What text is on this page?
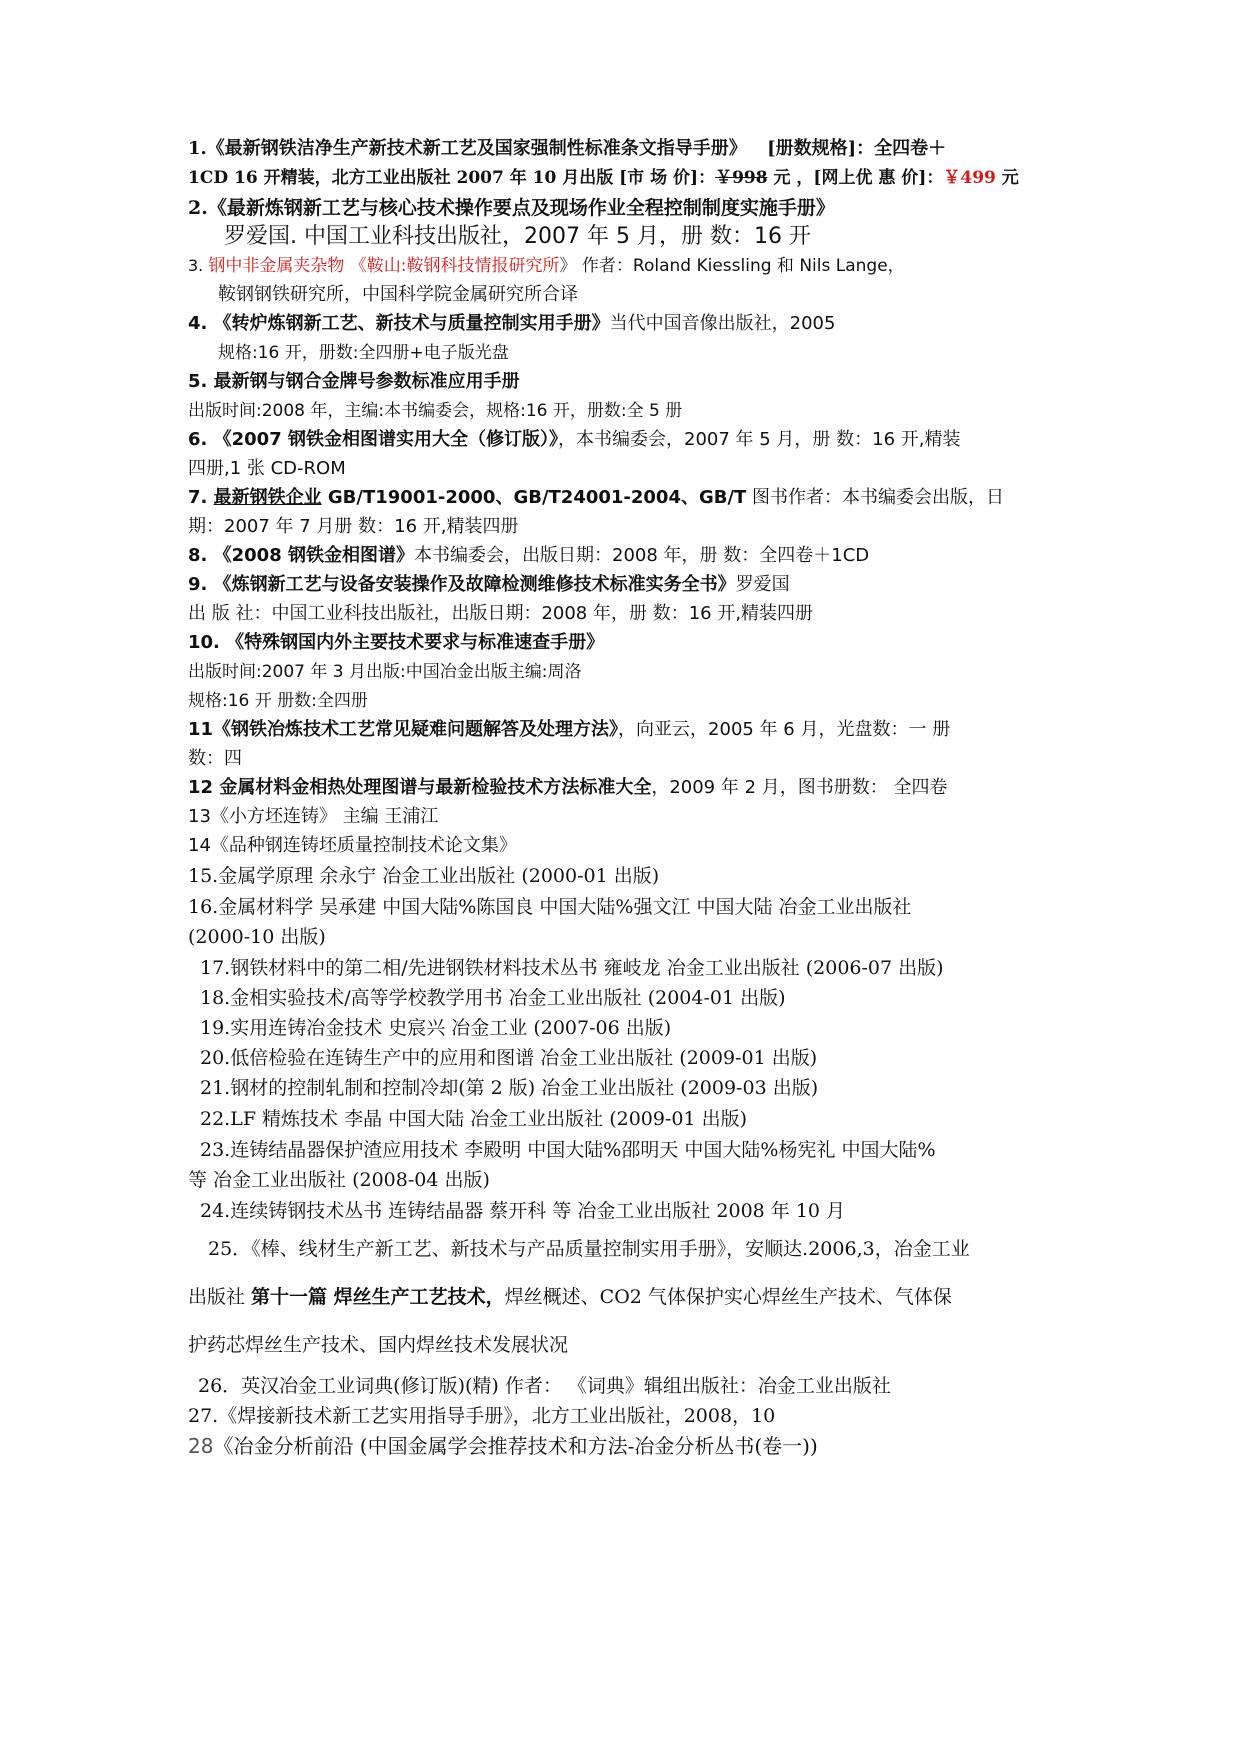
1.《最新钢铁洁净生产新技术新工艺及国家强制性标准条文指导手册》 [册数规格]：全四卷＋
1CD 16 开精装，北方工业出版社 2007 年 10 月出版 [市 场 价]：￥998 元 ，[网上优 惠 价]：￥499 元
2.《最新炼钢新工艺与核心技术操作要点及现场作业全程控制制度实施手册》
罗爱国. 中国工业科技出版社，2007 年 5 月，册 数：16 开
3. 钢中非金属夹杂物 《鞍山:鞍钢科技情报研究所》 作者：Roland Kiessling 和 Nils Lange，
鞍钢钢铁研究所，中国科学院金属研究所合译
4. 《转炉炼钢新工艺、新技术与质量控制实用手册》当代中国音像出版社，2005
规格:16 开，册数:全四册+电子版光盘
5. 最新钢与钢合金牌号参数标准应用手册
出版时间:2008 年，主编:本书编委会，规格:16 开，册数:全 5 册
6. 《2007 钢铁金相图谱实用大全（修订版）》，本书编委会，2007 年 5 月，册 数：16 开,精装
四册,1 张 CD-ROM
7. 最新钢铁企业 GB/T19001-2000、GB/T24001-2004、GB/T 图书作者：本书编委会出版，日
期：2007 年 7 月册 数：16 开,精装四册
8. 《2008 钢铁金相图谱》本书编委会，出版日期：2008 年，册 数：全四卷＋1CD
9. 《炼钢新工艺与设备安装操作及故障检测维修技术标准实务全书》罗爱国
出 版 社：中国工业科技出版社，出版日期：2008 年，册 数：16 开,精装四册
10. 《特殊钢国内外主要技术要求与标准速查手册》
出版时间:2007 年 3 月出版:中国冶金出版主编:周洛
规格:16 开 册数:全四册
11《钢铁冶炼技术工艺常见疑难问题解答及处理方法》，向亚云，2005 年 6 月，光盘数：一 册
数：四
12 金属材料金相热处理图谱与最新检验技术方法标准大全，2009 年 2 月，图书册数： 全四卷
13《小方坯连铸》 主编 王浦江
14《品种钢连铸坯质量控制技术论文集》
15.金属学原理 余永宁 冶金工业出版社 (2000-01 出版)
16.金属材料学 吴承建 中国大陆%陈国良 中国大陆%强文江 中国大陆 冶金工业出版社
(2000-10 出版)
17.钢铁材料中的第二相/先进钢铁材料技术丛书 雍岐龙 冶金工业出版社 (2006-07 出版)
18.金相实验技术/高等学校教学用书 冶金工业出版社 (2004-01 出版)
19.实用连铸冶金技术 史宸兴 冶金工业 (2007-06 出版)
20.低倍检验在连铸生产中的应用和图谱 冶金工业出版社 (2009-01 出版)
21.钢材的控制轧制和控制冷却(第 2 版) 冶金工业出版社 (2009-03 出版)
22.LF 精炼技术 李晶 中国大陆 冶金工业出版社 (2009-01 出版)
23.连铸结晶器保护渣应用技术 李殿明 中国大陆%邵明天 中国大陆%杨宪礼 中国大陆%
等 冶金工业出版社 (2008-04 出版)
24.连续铸钢技术丛书 连铸结晶器 蔡开科 等 冶金工业出版社 2008 年 10 月
25．《棒、线材生产新工艺、新技术与产品质量控制实用手册》，安顺达.2006,3，冶金工业
出版社 第十一篇 焊丝生产工艺技术，焊丝概述、CO2 气体保护实心焊丝生产技术、气体保
护药芯焊丝生产技术、国内焊丝技术发展状况
26．英汉冶金工业词典(修订版)(精) 作者： 《词典》辑组出版社：冶金工业出版社
27.《焊接新技术新工艺实用指导手册》，北方工业出版社，2008，10
28《冶金分析前沿 (中国金属学会推荐技术和方法-冶金分析丛书(卷一))
